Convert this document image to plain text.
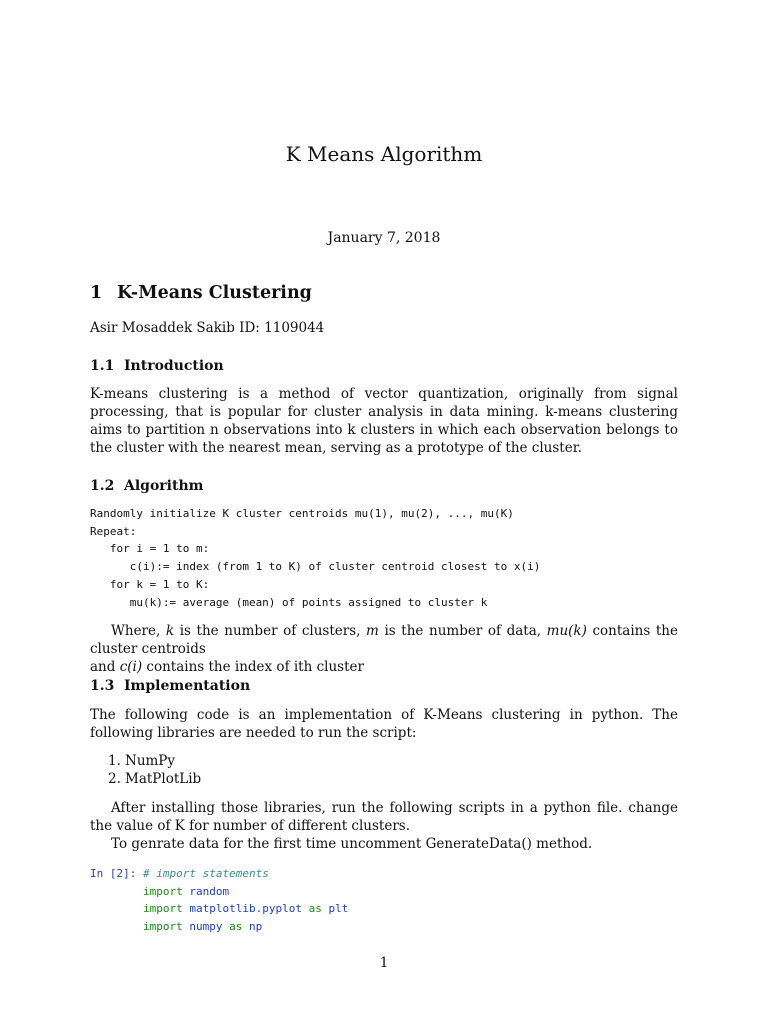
K Means Algorithm
January 7, 2018
1 K-Means Clustering
Asir Mosaddek Sakib ID: 1109044
1.1 Introduction
K-means clustering is a method of vector quantization, originally from signal processing, that is popular for cluster analysis in data mining. k-means clustering aims to partition n observations into k clusters in which each observation belongs to the cluster with the nearest mean, serving as a prototype of the cluster.
1.2 Algorithm
Randomly initialize K cluster centroids mu(1), mu(2), ..., mu(K)
Repeat:
for i = 1 to m:
c(i):= index (from 1 to K) of cluster centroid closest to x(i)
for k = 1 to K:
mu(k):= average (mean) of points assigned to cluster k
Where, k is the number of clusters, m is the number of data, mu(k) contains the cluster centroids
and c(i) contains the index of ith cluster
1.3 Implementation
The following code is an implementation of K-Means clustering in python. The following libraries are needed to run the script:
1. NumPy
2. MatPlotLib
After installing those libraries, run the following scripts in a python file. change the value of K for number of different clusters.
To genrate data for the first time uncomment GenerateData() method.
In [2]: # import statements
import random
import matplotlib.pyplot as plt
import numpy as np
1
